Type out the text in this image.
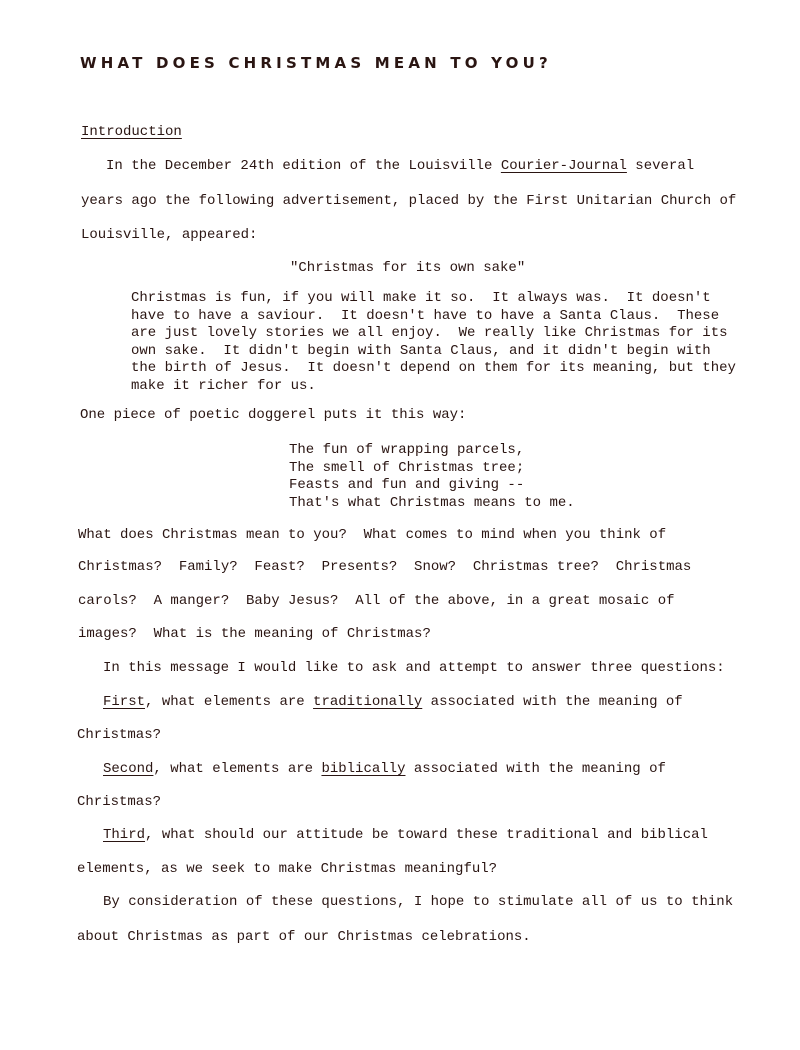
WHAT DOES CHRISTMAS MEAN TO YOU?
Introduction
In the December 24th edition of the Louisville Courier-Journal several
years ago the following advertisement, placed by the First Unitarian Church of
Louisville, appeared:
"Christmas for its own sake"
Christmas is fun, if you will make it so.  It always was.  It doesn't
have to have a saviour.  It doesn't have to have a Santa Claus.  These
are just lovely stories we all enjoy.  We really like Christmas for its
own sake.  It didn't begin with Santa Claus, and it didn't begin with
the birth of Jesus.  It doesn't depend on them for its meaning, but they
make it richer for us.
One piece of poetic doggerel puts it this way:
The fun of wrapping parcels,
The smell of Christmas tree;
Feasts and fun and giving --
That's what Christmas means to me.
What does Christmas mean to you?  What comes to mind when you think of
Christmas?  Family?  Feast?  Presents?  Snow?  Christmas tree?  Christmas
carols?  A manger?  Baby Jesus?  All of the above, in a great mosaic of
images?  What is the meaning of Christmas?
In this message I would like to ask and attempt to answer three questions:
First, what elements are traditionally associated with the meaning of
Christmas?
Second, what elements are biblically associated with the meaning of
Christmas?
Third, what should our attitude be toward these traditional and biblical
elements, as we seek to make Christmas meaningful?
By consideration of these questions, I hope to stimulate all of us to think
about Christmas as part of our Christmas celebrations.
